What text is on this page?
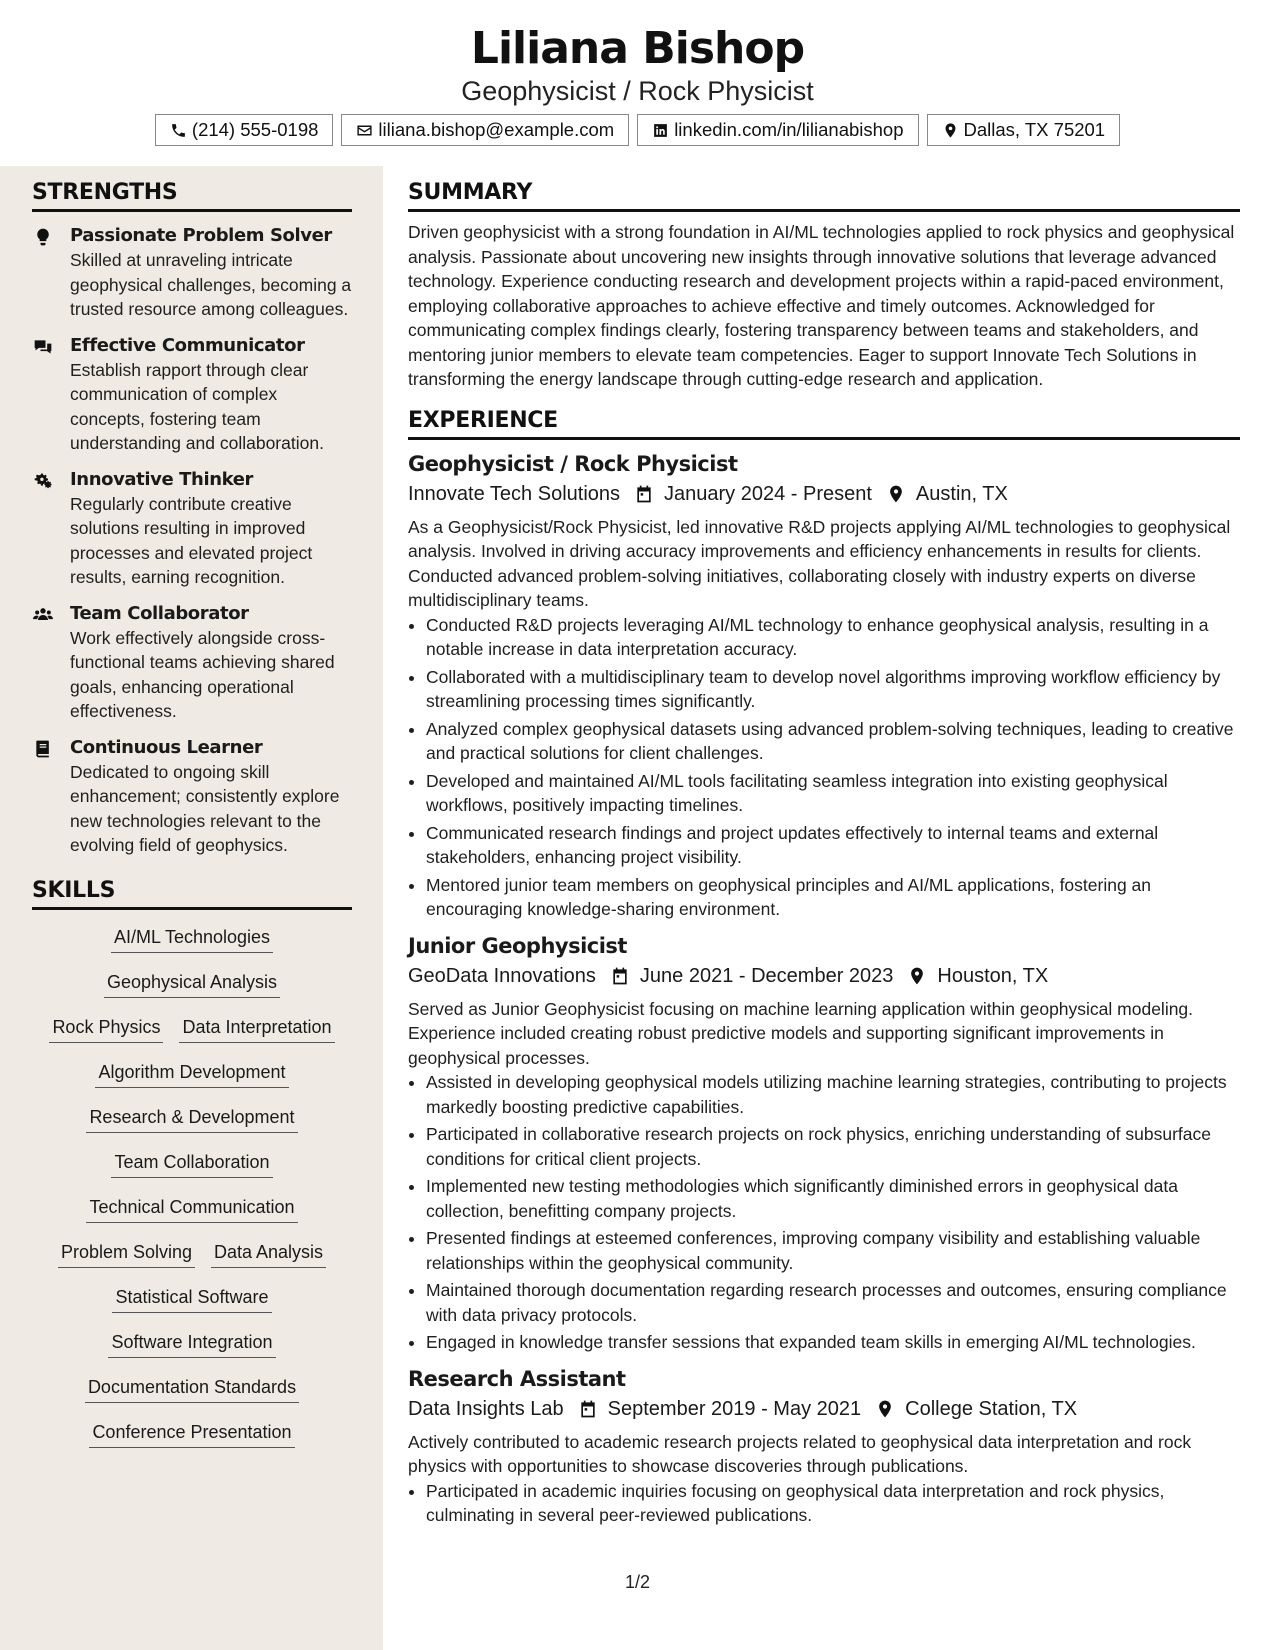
Liliana Bishop
Geophysicist / Rock Physicist
(214) 555-0198	liliana.bishop@example.com	linkedin.com/in/lilianabishop	Dallas, TX 75201
STRENGTHS
Passionate Problem Solver
Skilled at unraveling intricate geophysical challenges, becoming a trusted resource among colleagues.
Effective Communicator
Establish rapport through clear communication of complex concepts, fostering team understanding and collaboration.
Innovative Thinker
Regularly contribute creative solutions resulting in improved processes and elevated project results, earning recognition.
Team Collaborator
Work effectively alongside cross-functional teams achieving shared goals, enhancing operational effectiveness.
Continuous Learner
Dedicated to ongoing skill enhancement; consistently explore new technologies relevant to the evolving field of geophysics.
SKILLS
AI/ML Technologies
Geophysical Analysis
Rock Physics Data Interpretation
Algorithm Development
Research & Development
Team Collaboration
Technical Communication
Problem Solving Data Analysis
Statistical Software
Software Integration
Documentation Standards
Conference Presentation
SUMMARY
Driven geophysicist with a strong foundation in AI/ML technologies applied to rock physics and geophysical analysis. Passionate about uncovering new insights through innovative solutions that leverage advanced technology. Experience conducting research and development projects within a rapid-paced environment, employing collaborative approaches to achieve effective and timely outcomes. Acknowledged for communicating complex findings clearly, fostering transparency between teams and stakeholders, and mentoring junior members to elevate team competencies. Eager to support Innovate Tech Solutions in transforming the energy landscape through cutting-edge research and application.
EXPERIENCE
Geophysicist / Rock Physicist
Innovate Tech Solutions January 2024 - Present Austin, TX
As a Geophysicist/Rock Physicist, led innovative R&D projects applying AI/ML technologies to geophysical analysis. Involved in driving accuracy improvements and efficiency enhancements in results for clients. Conducted advanced problem-solving initiatives, collaborating closely with industry experts on diverse multidisciplinary teams.
• Conducted R&D projects leveraging AI/ML technology to enhance geophysical analysis, resulting in a notable increase in data interpretation accuracy.
• Collaborated with a multidisciplinary team to develop novel algorithms improving workflow efficiency by streamlining processing times significantly.
• Analyzed complex geophysical datasets using advanced problem-solving techniques, leading to creative and practical solutions for client challenges.
• Developed and maintained AI/ML tools facilitating seamless integration into existing geophysical workflows, positively impacting timelines.
• Communicated research findings and project updates effectively to internal teams and external stakeholders, enhancing project visibility.
• Mentored junior team members on geophysical principles and AI/ML applications, fostering an encouraging knowledge-sharing environment.
Junior Geophysicist
GeoData Innovations June 2021 - December 2023 Houston, TX
Served as Junior Geophysicist focusing on machine learning application within geophysical modeling. Experience included creating robust predictive models and supporting significant improvements in geophysical processes.
• Assisted in developing geophysical models utilizing machine learning strategies, contributing to projects markedly boosting predictive capabilities.
• Participated in collaborative research projects on rock physics, enriching understanding of subsurface conditions for critical client projects.
• Implemented new testing methodologies which significantly diminished errors in geophysical data collection, benefitting company projects.
• Presented findings at esteemed conferences, improving company visibility and establishing valuable relationships within the geophysical community.
• Maintained thorough documentation regarding research processes and outcomes, ensuring compliance with data privacy protocols.
• Engaged in knowledge transfer sessions that expanded team skills in emerging AI/ML technologies.
Research Assistant
Data Insights Lab September 2019 - May 2021 College Station, TX
Actively contributed to academic research projects related to geophysical data interpretation and rock physics with opportunities to showcase discoveries through publications.
• Participated in academic inquiries focusing on geophysical data interpretation and rock physics, culminating in several peer-reviewed publications.
1/2
